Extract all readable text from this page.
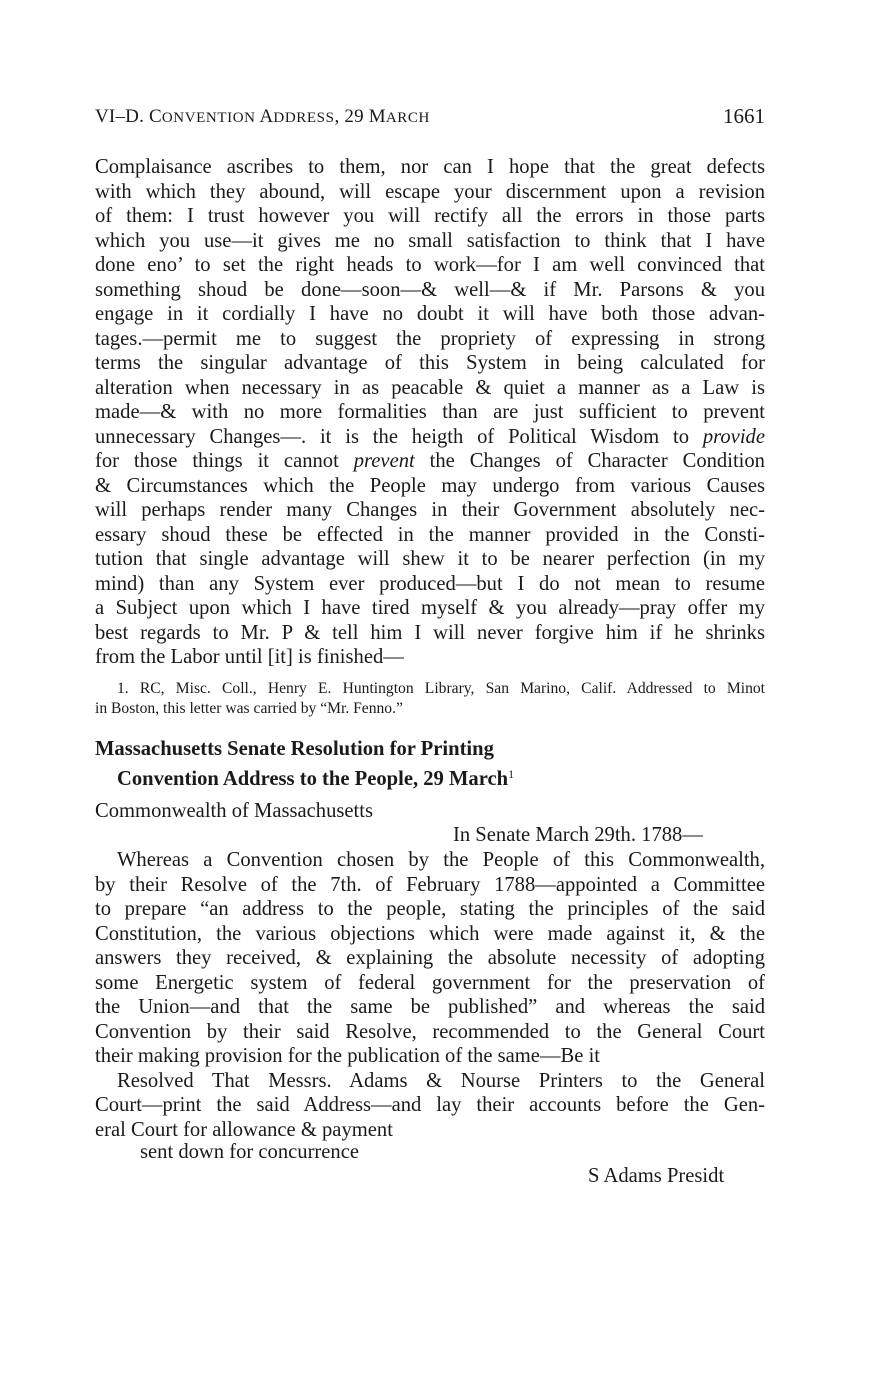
VI–D. CONVENTION ADDRESS, 29 MARCH	1661
Complaisance ascribes to them, nor can I hope that the great defects
with which they abound, will escape your discernment upon a revision
of them: I trust however you will rectify all the errors in those parts
which you use—it gives me no small satisfaction to think that I have
done eno’ to set the right heads to work—for I am well convinced that
something shoud be done—soon—& well—& if Mr. Parsons & you
engage in it cordially I have no doubt it will have both those advan-
tages.—permit me to suggest the propriety of expressing in strong
terms the singular advantage of this System in being calculated for
alteration when necessary in as peacable & quiet a manner as a Law is
made—& with no more formalities than are just sufficient to prevent
unnecessary Changes—. it is the heigth of Political Wisdom to provide
for those things it cannot prevent the Changes of Character Condition
& Circumstances which the People may undergo from various Causes
will perhaps render many Changes in their Government absolutely nec-
essary shoud these be effected in the manner provided in the Consti-
tution that single advantage will shew it to be nearer perfection (in my
mind) than any System ever produced—but I do not mean to resume
a Subject upon which I have tired myself & you already—pray offer my
best regards to Mr. P & tell him I will never forgive him if he shrinks
from the Labor until [it] is finished—
1. RC, Misc. Coll., Henry E. Huntington Library, San Marino, Calif. Addressed to Minot
in Boston, this letter was carried by “Mr. Fenno.”
Massachusetts Senate Resolution for Printing
Convention Address to the People, 29 March$^1$
Commonwealth of Massachusetts
In Senate March 29th. 1788—
Whereas a Convention chosen by the People of this Commonwealth,
by their Resolve of the 7th. of February 1788—appointed a Committee
to prepare “an address to the people, stating the principles of the said
Constitution, the various objections which were made against it, & the
answers they received, & explaining the absolute necessity of adopting
some Energetic system of federal government for the preservation of
the Union—and that the same be published” and whereas the said
Convention by their said Resolve, recommended to the General Court
their making provision for the publication of the same—Be it
Resolved That Messrs. Adams & Nourse Printers to the General
Court—print the said Address—and lay their accounts before the Gen-
eral Court for allowance & payment
sent down for concurrence
S Adams Presidt
